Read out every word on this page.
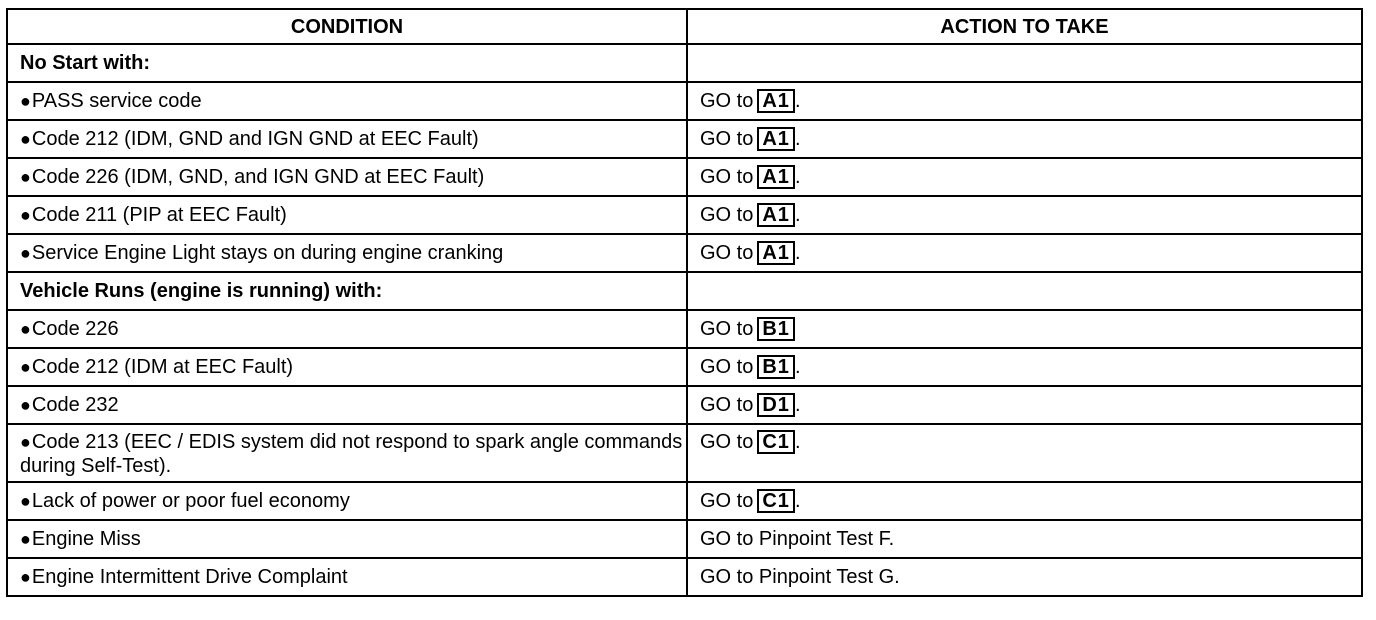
CONDITION	ACTION TO TAKE
No Start with:	
●PASS service code	GO to A1 .
●Code 212 (IDM, GND and IGN GND at EEC Fault)	GO to A1 .
●Code 226 (IDM, GND, and IGN GND at EEC Fault)	GO to A1 .
●Code 211 (PIP at EEC Fault)	GO to A1 .
●Service Engine Light stays on during engine cranking	GO to A1 .
Vehicle Runs (engine is running) with:	
●Code 226	GO to B1
●Code 212 (IDM at EEC Fault)	GO to B1 .
●Code 232	GO to D1 .
●Code 213 (EEC / EDIS system did not respond to spark angle commands during Self-Test).	GO to C1 .
●Lack of power or poor fuel economy	GO to C1 .
●Engine Miss	GO to Pinpoint Test F.
●Engine Intermittent Drive Complaint	GO to Pinpoint Test G.
